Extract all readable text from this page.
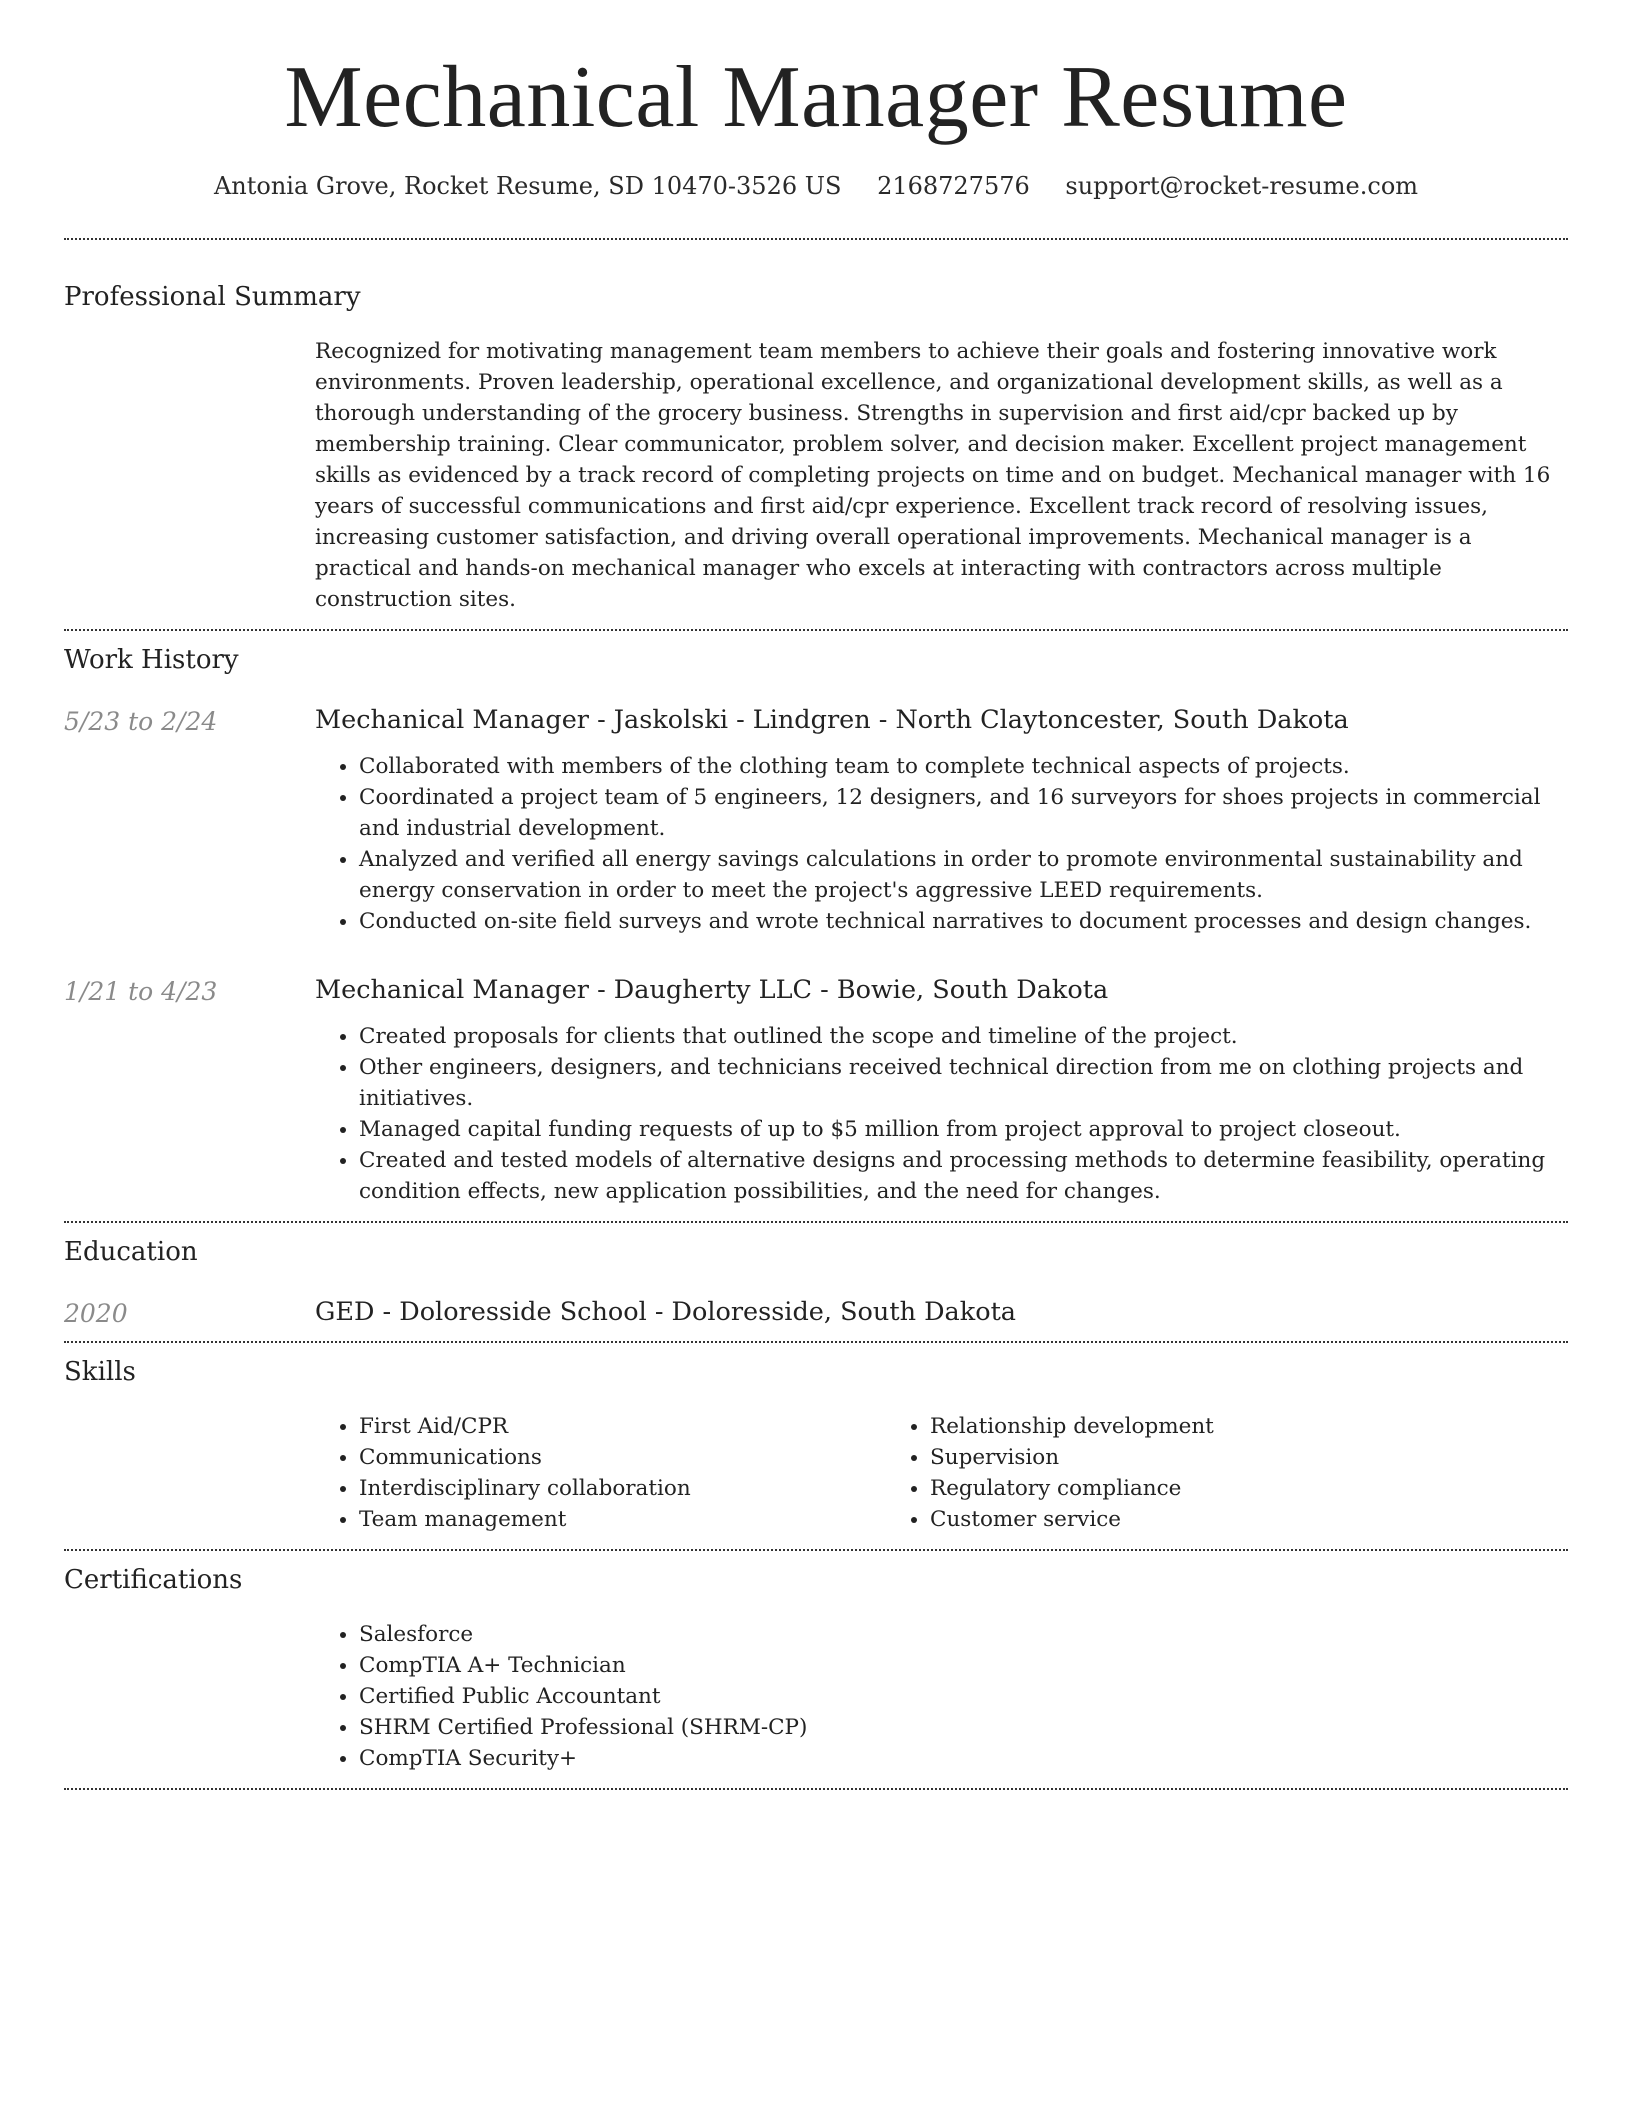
Mechanical Manager Resume
Antonia Grove, Rocket Resume, SD 10470-3526 US 2168727576 support@rocket-resume.com
Professional Summary
Recognized for motivating management team members to achieve their goals and fostering innovative work environments. Proven leadership, operational excellence, and organizational development skills, as well as a thorough understanding of the grocery business. Strengths in supervision and first aid/cpr backed up by membership training. Clear communicator, problem solver, and decision maker. Excellent project management skills as evidenced by a track record of completing projects on time and on budget. Mechanical manager with 16 years of successful communications and first aid/cpr experience. Excellent track record of resolving issues, increasing customer satisfaction, and driving overall operational improvements. Mechanical manager is a practical and hands-on mechanical manager who excels at interacting with contractors across multiple construction sites.
Work History
5/23 to 2/24	Mechanical Manager - Jaskolski - Lindgren - North Claytoncester, South Dakota
• Collaborated with members of the clothing team to complete technical aspects of projects.
• Coordinated a project team of 5 engineers, 12 designers, and 16 surveyors for shoes projects in commercial and industrial development.
• Analyzed and verified all energy savings calculations in order to promote environmental sustainability and energy conservation in order to meet the project's aggressive LEED requirements.
• Conducted on-site field surveys and wrote technical narratives to document processes and design changes.
1/21 to 4/23	Mechanical Manager - Daugherty LLC - Bowie, South Dakota
• Created proposals for clients that outlined the scope and timeline of the project.
• Other engineers, designers, and technicians received technical direction from me on clothing projects and initiatives.
• Managed capital funding requests of up to $5 million from project approval to project closeout.
• Created and tested models of alternative designs and processing methods to determine feasibility, operating condition effects, new application possibilities, and the need for changes.
Education
2020	GED - Doloresside School - Doloresside, South Dakota
Skills
• First Aid/CPR
• Communications
• Interdisciplinary collaboration
• Team management
• Relationship development
• Supervision
• Regulatory compliance
• Customer service
Certifications
• Salesforce
• CompTIA A+ Technician
• Certified Public Accountant
• SHRM Certified Professional (SHRM-CP)
• CompTIA Security+
